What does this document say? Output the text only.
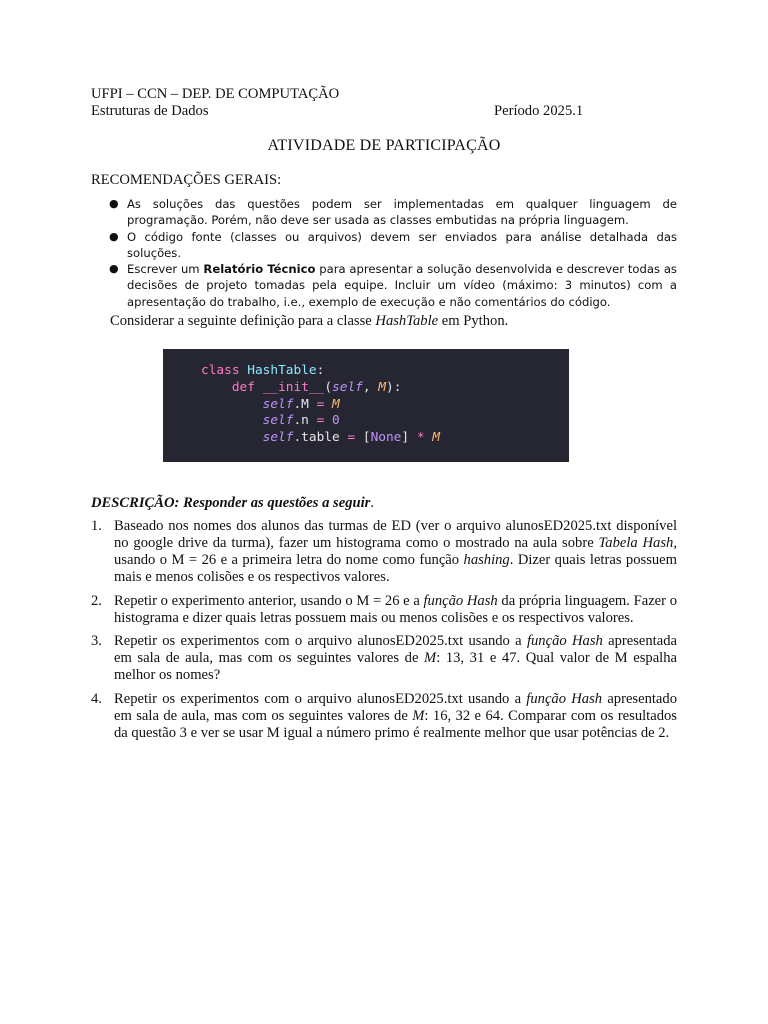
UFPI – CCN – DEP. DE COMPUTAÇÃO
Estruturas de Dados	Período 2025.1
ATIVIDADE DE PARTICIPAÇÃO
RECOMENDAÇÕES GERAIS:
● As soluções das questões podem ser implementadas em qualquer linguagem de programação. Porém, não deve ser usada as classes embutidas na própria linguagem.
● O código fonte (classes ou arquivos) devem ser enviados para análise detalhada das soluções.
● Escrever um Relatório Técnico para apresentar a solução desenvolvida e descrever todas as decisões de projeto tomadas pela equipe. Incluir um vídeo (máximo: 3 minutos) com a apresentação do trabalho, i.e., exemplo de execução e não comentários do código.
Considerar a seguinte definição para a classe HashTable em Python.
class HashTable:
def __init__(self, M):
self.M = M
self.n = 0
self.table = [None] * M
DESCRIÇÃO: Responder as questões a seguir.
1. Baseado nos nomes dos alunos das turmas de ED (ver o arquivo alunosED2025.txt disponível no google drive da turma), fazer um histograma como o mostrado na aula sobre Tabela Hash, usando o M = 26 e a primeira letra do nome como função hashing. Dizer quais letras possuem mais e menos colisões e os respectivos valores.
2. Repetir o experimento anterior, usando o M = 26 e a função Hash da própria linguagem. Fazer o histograma e dizer quais letras possuem mais ou menos colisões e os respectivos valores.
3. Repetir os experimentos com o arquivo alunosED2025.txt usando a função Hash apresentada em sala de aula, mas com os seguintes valores de M: 13, 31 e 47. Qual valor de M espalha melhor os nomes?
4. Repetir os experimentos com o arquivo alunosED2025.txt usando a função Hash apresentado em sala de aula, mas com os seguintes valores de M: 16, 32 e 64. Comparar com os resultados da questão 3 e ver se usar M igual a número primo é realmente melhor que usar potências de 2.
